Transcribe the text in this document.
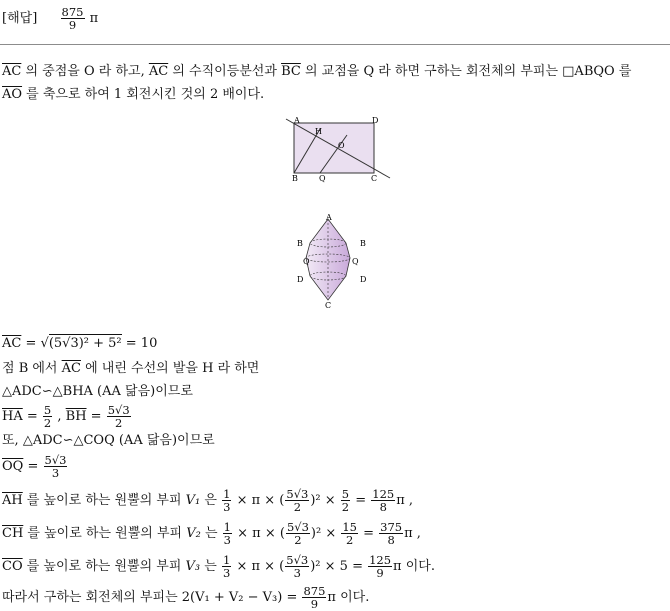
[해답] $\frac{875}{9}$ π
$\overline{AC}$ 의 중점을 O 라 하고, $\overline{AC}$ 의 수직이등분선과 $\overline{BC}$ 의 교점을 Q 라 하면 구하는 회전체의 부피는 □ABQO 를
$\overline{AO}$ 를 축으로 하여 1 회전시킨 것의 2 배이다.
A	D
H
O
B	Q	C
A
B	B
Q	Q
D	D
C
$\overline{AC} = √(5√3)^2 + 5^2 = 10$
점 B 에서 $\overline{AC}$ 에 내린 수선의 발을 H 라 하면
△ADC∽△BHA (AA 닮음)이므로
$\overline{HA} = \frac{5}{2}$ , $\overline{BH} = \frac{5√3}{2}$
또, △ADC∽△COQ (AA 닮음)이므로
$\overline{OQ} = \frac{5√3}{3}$
$\overline{AH}$ 를 높이로 하는 원뿔의 부피 V₁ 은 $\frac{1}{3} \times \pi$ × ( $\frac{5√3}{2} )^2 \times \frac{5}{2} = \frac{125}{8}$ π ,
$\overline{CH}$ 를 높이로 하는 원뿔의 부피 V₂ 는 $\frac{1}{3} \times \pi$ × ( $\frac{5√3}{2} )^2 \times \frac{15}{2} = \frac{375}{8}$ π ,
$\overline{CO}$ 를 높이로 하는 원뿔의 부피 V₃ 는 $\frac{1}{3} \times \pi$ × ( $\frac{5√3}{3} )^2 \times 5 = \frac{125}{9}$ π 이다.
따라서 구하는 회전체의 부피는 $2(V_1 + V_2 - V_3) = \frac{875}{9}$ π 이다.
